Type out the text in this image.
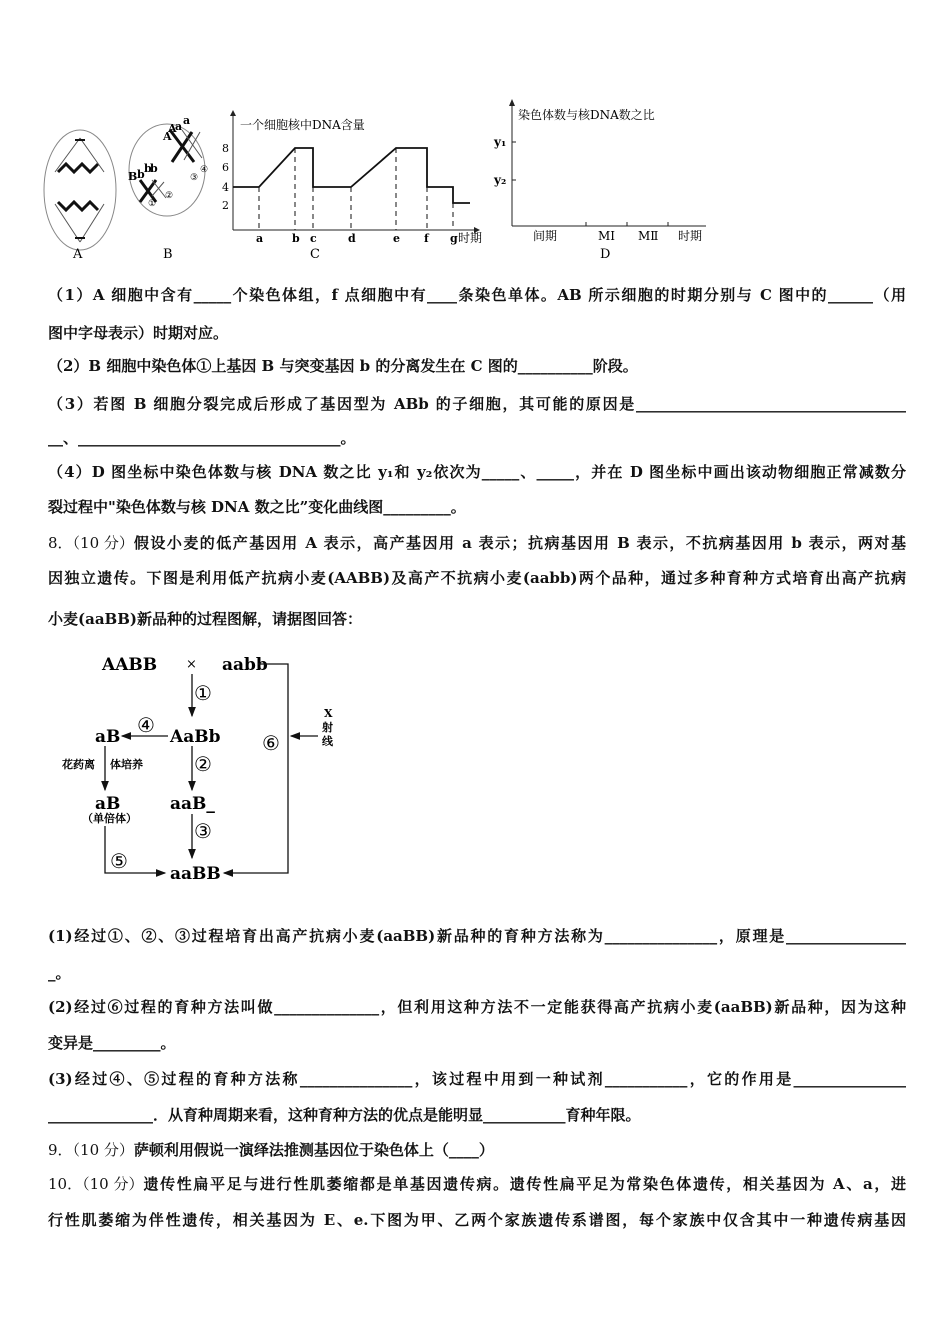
A
B b b
b
A
A
a a
①
②
③
④
B
一个细胞核中DNA含量
8
6
4
2
a	b c	d	e f g 时期
C
染色体数与核DNA数之比
y₁
y₂
间期	MⅠ MⅡ 时期
D
（1）A 细胞中含有_____个染色体组，f 点细胞中有____条染色单体。AB 所示细胞的时期分别与 C 图中的______（用
图中字母表示）时期对应。
（2）B 细胞中染色体①上基因 B 与突变基因 b 的分离发生在 C 图的__________阶段。
（3）若图 B 细胞分裂完成后形成了基因型为 ABb 的子细胞，其可能的原因是____________________________________
__、___________________________________。
（4）D 图坐标中染色体数与核 DNA 数之比 y₁和 y₂依次为_____、_____，并在 D 图坐标中画出该动物细胞正常减数分
裂过程中"染色体数与核 DNA 数之比”变化曲线图_________。
8．（10 分） 假设小麦的低产基因用 A 表示，高产基因用 a 表示；抗病基因用 B 表示，不抗病基因用 b 表示，两对基
因独立遗传。下图是利用低产抗病小麦(AABB)及高产不抗病小麦(aabb)两个品种，通过多种育种方式培育出高产抗病
小麦(aaBB)新品种的过程图解，请据图回答：
AABB × aabb
AaBb
aB
aB	aaB_
aaBB
花药离 体培养
（单倍体）
X
射
线
①
②
③
④
⑤
⑥
(1)经过①、②、③过程培育出高产抗病小麦(aaBB)新品种的育种方法称为_______________，原理是________________
_。
(2)经过⑥过程的育种方法叫做______________，但利用这种方法不一定能获得高产抗病小麦(aaBB)新品种，因为这种
变异是_________。
(3)经过④、⑤过程的育种方法称_______________，该过程中用到一种试剂___________，它的作用是_______________
______________．从育种周期来看，这种育种方法的优点是能明显___________育种年限。
9．（10 分）萨顿利用假说一演绎法推测基因位于染色体上（____）
10．（10 分） 遗传性扁平足与进行性肌萎缩都是单基因遗传病。遗传性扁平足为常染色体遗传，相关基因为 A、a，进
行性肌萎缩为伴性遗传，相关基因为 E、e.下图为甲、乙两个家族遗传系谱图，每个家族中仅含其中一种遗传病基因
